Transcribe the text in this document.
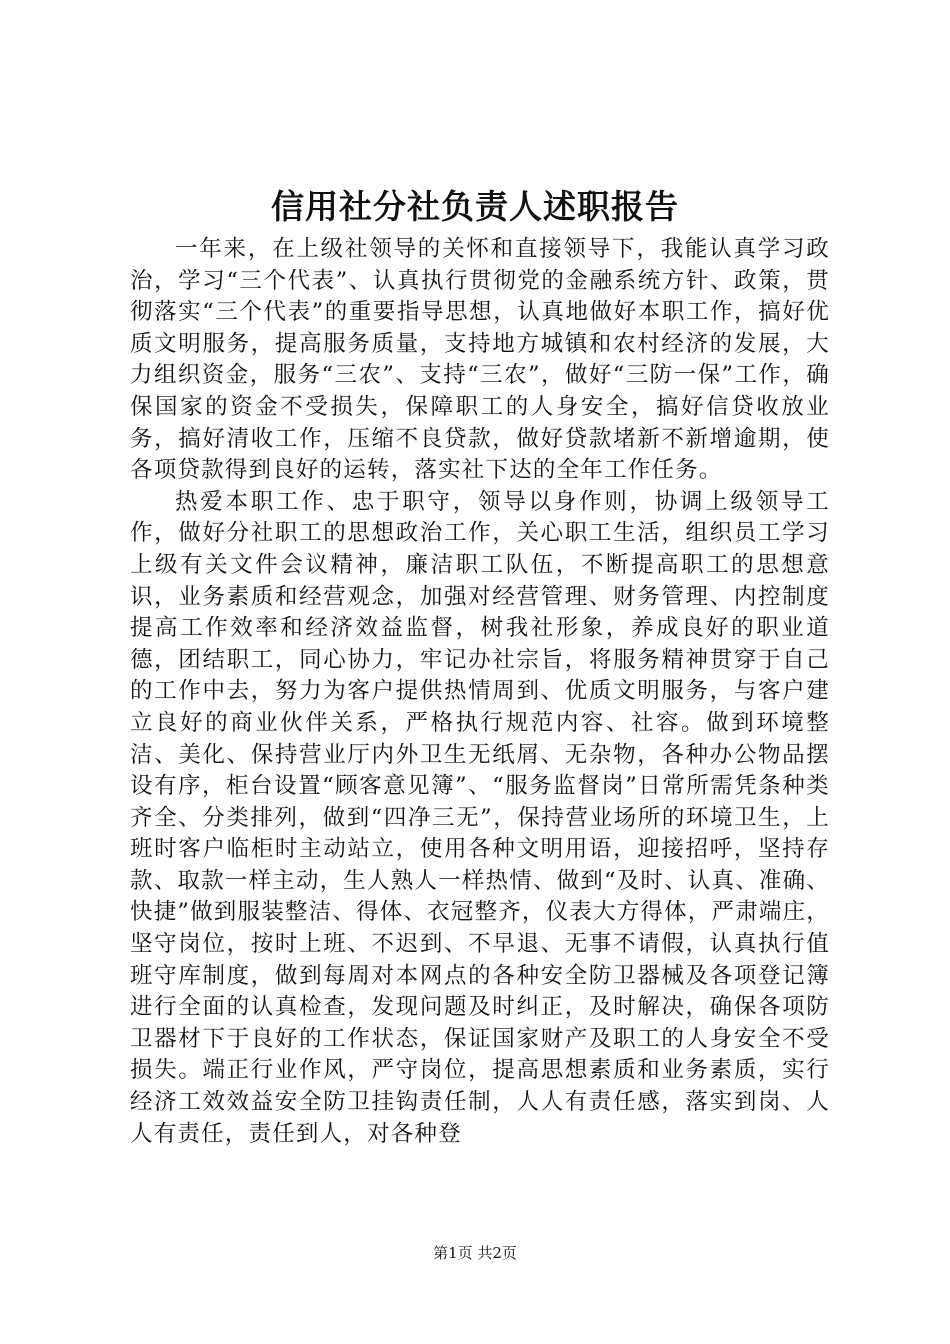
信用社分社负责人述职报告

一年来，在上级社领导的关怀和直接领导下，我能认真学习政治，学习“三个代表”、认真执行贯彻党的金融系统方针、政策，贯彻落实“三个代表”的重要指导思想，认真地做好本职工作，搞好优质文明服务，提高服务质量，支持地方城镇和农村经济的发展，大力组织资金，服务“三农”、支持“三农”，做好“三防一保”工作，确保国家的资金不受损失，保障职工的人身安全，搞好信贷收放业务，搞好清收工作，压缩不良贷款，做好贷款堵新不新增逾期，使各项贷款得到良好的运转，落实社下达的全年工作任务。

热爱本职工作、忠于职守，领导以身作则，协调上级领导工作，做好分社职工的思想政治工作，关心职工生活，组织员工学习上级有关文件会议精神，廉洁职工队伍，不断提高职工的思想意识，业务素质和经营观念，加强对经营管理、财务管理、内控制度提高工作效率和经济效益监督，树我社形象，养成良好的职业道德，团结职工，同心协力，牢记办社宗旨，将服务精神贯穿于自己的工作中去，努力为客户提供热情周到、优质文明服务，与客户建立良好的商业伙伴关系，严格执行规范内容、社容。做到环境整洁、美化、保持营业厅内外卫生无纸屑、无杂物，各种办公物品摆设有序，柜台设置“顾客意见簿”、“服务监督岗”日常所需凭条种类齐全、分类排列，做到“四净三无”，保持营业场所的环境卫生，上班时客户临柜时主动站立，使用各种文明用语，迎接招呼，坚持存款、取款一样主动，生人熟人一样热情、做到“及时、认真、准确、快捷”做到服装整洁、得体、衣冠整齐，仪表大方得体，严肃端庄，坚守岗位，按时上班、不迟到、不早退、无事不请假，认真执行值班守库制度，做到每周对本网点的各种安全防卫器械及各项登记簿进行全面的认真检查，发现问题及时纠正，及时解决，确保各项防卫器材下于良好的工作状态，保证国家财产及职工的人身安全不受损失。端正行业作风，严守岗位，提高思想素质和业务素质，实行经济工效效益安全防卫挂钩责任制，人人有责任感，落实到岗、人人有责任，责任到人，对各种登

第1页 共2页
